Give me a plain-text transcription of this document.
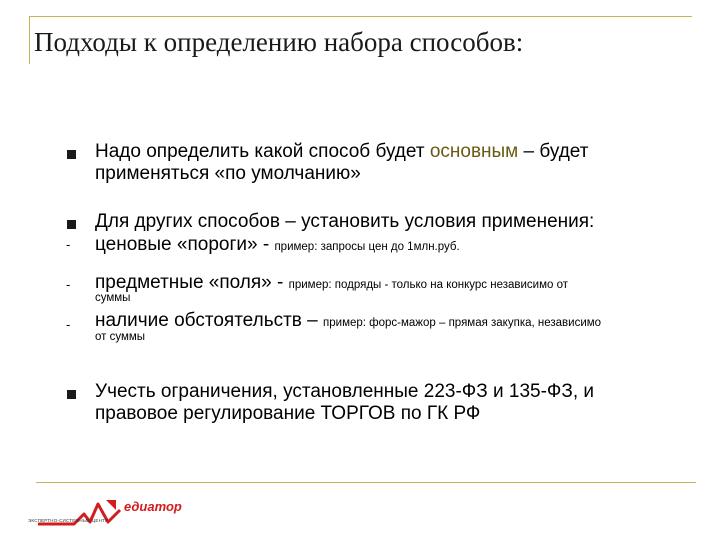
Подходы к определению набора способов:
Надо определить какой способ будет основным – будет
применяться «по умолчанию»
Для других способов – установить условия применения:
- ценовые «пороги» - пример: запросы цен до 1млн.руб.
- предметные «поля» - пример: подряды - только на конкурс независимо от
суммы
- наличие обстоятельств – пример: форс-мажор – прямая закупка, независимо
от суммы
Учесть ограничения, установленные 223-ФЗ и 135-ФЗ, и
правовое регулирование ТОРГОВ по ГК РФ
едиатор
ЭКСПЕРТНО-СИСТЕМНЫЙ ЦЕНТР
